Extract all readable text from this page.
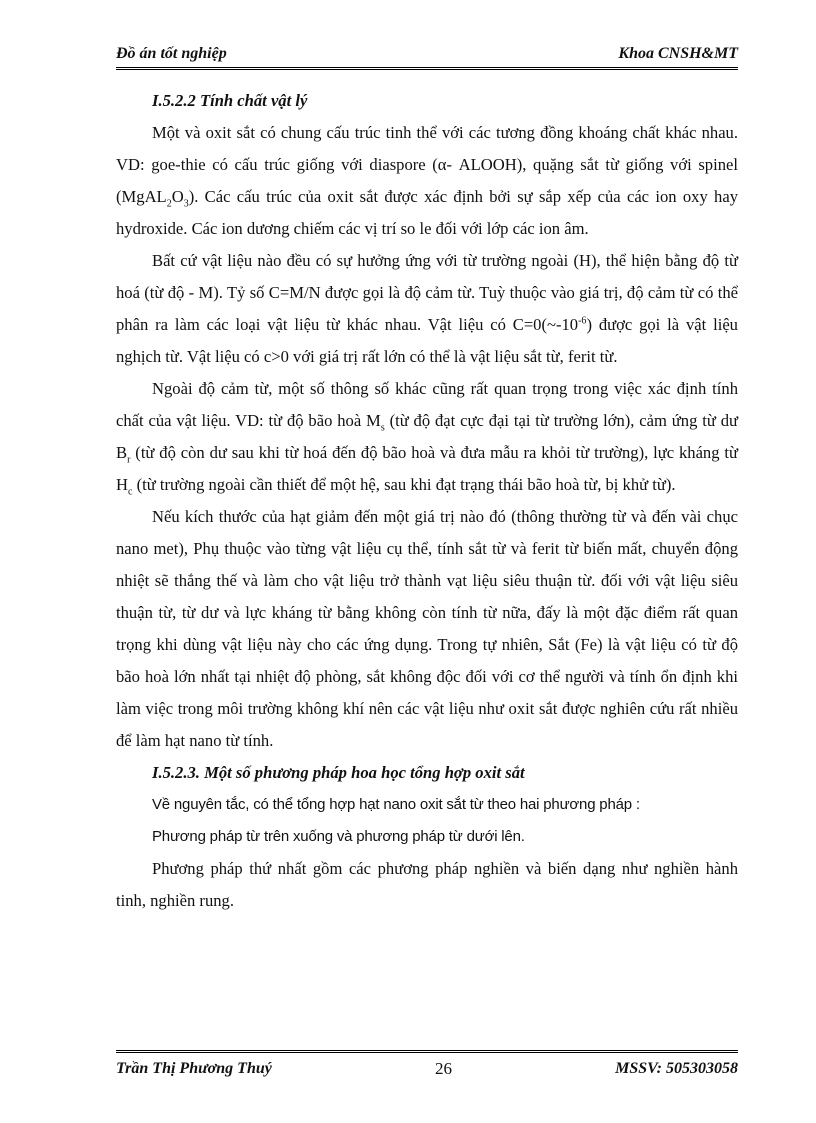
Đồ án tốt nghiệp	Khoa CNSH&MT

I.5.2.2 Tính chất vật lý

Một và oxit sắt có chung cấu trúc tinh thể với các tương đồng khoáng chất khác nhau. VD: goe-thie có cấu trúc giống với diaspore (α- ALOOH), quặng sắt từ giống với spinel $(MgAL_2O_3)$. Các cấu trúc của oxit sắt được xác định bởi sự sắp xếp của các ion oxy hay hydroxide. Các ion dương chiếm các vị trí so le đối với lớp các ion âm.

Bất cứ vật liệu nào đều có sự hưởng ứng với từ trường ngoài (H), thể hiện bằng độ từ hoá (từ độ - M). Tỷ số C=M/N được gọi là độ cảm từ. Tuỳ thuộc vào giá trị, độ cảm từ có thể phân ra làm các loại vật liệu từ khác nhau. Vật liệu có $C=0(\sim-10^{-6})$ được gọi là vật liệu nghịch từ. Vật liệu có c>0 với giá trị rất lớn có thể là vật liệu sắt từ, ferit từ.

Ngoài độ cảm từ, một số thông số khác cũng rất quan trọng trong việc xác định tính chất của vật liệu. VD: từ độ bão hoà $M_s$ (từ độ đạt cực đại tại từ trường lớn), cảm ứng từ dư $B_r$ (từ độ còn dư sau khi từ hoá đến độ bão hoà và đưa mẫu ra khỏi từ trường), lực kháng từ $H_c$ (từ trường ngoài cần thiết để một hệ, sau khi đạt trạng thái bão hoà từ, bị khử từ).

Nếu kích thước của hạt giảm đến một giá trị nào đó (thông thường từ và đến vài chục nano met), Phụ thuộc vào từng vật liệu cụ thể, tính sắt từ và ferit từ biến mất, chuyển động nhiệt sẽ thắng thế và làm cho vật liệu trở thành vạt liệu siêu thuận từ. đối với vật liệu siêu thuận từ, từ dư và lực kháng từ bằng không còn tính từ nữa, đấy là một đặc điểm rất quan trọng khi dùng vật liệu này cho các ứng dụng. Trong tự nhiên, Sắt (Fe) là vật liệu có từ độ bão hoà lớn nhất tại nhiệt độ phòng, sắt không độc đối với cơ thể người và tính ổn định khi làm việc trong môi trường không khí nên các vật liệu như oxit sắt được nghiên cứu rất nhiều để làm hạt nano từ tính.

I.5.2.3. Một số phương pháp hoa học tổng hợp oxit sắt

Về nguyên tắc, có thể tổng hợp hạt nano oxit sắt từ theo hai phương pháp :

Phương pháp từ trên xuống và phương pháp từ dưới lên.

Phương pháp thứ nhất gồm các phương pháp nghiền và biến dạng như nghiền hành tinh, nghiền rung.

Trần Thị Phương Thuý	26	MSSV: 505303058
